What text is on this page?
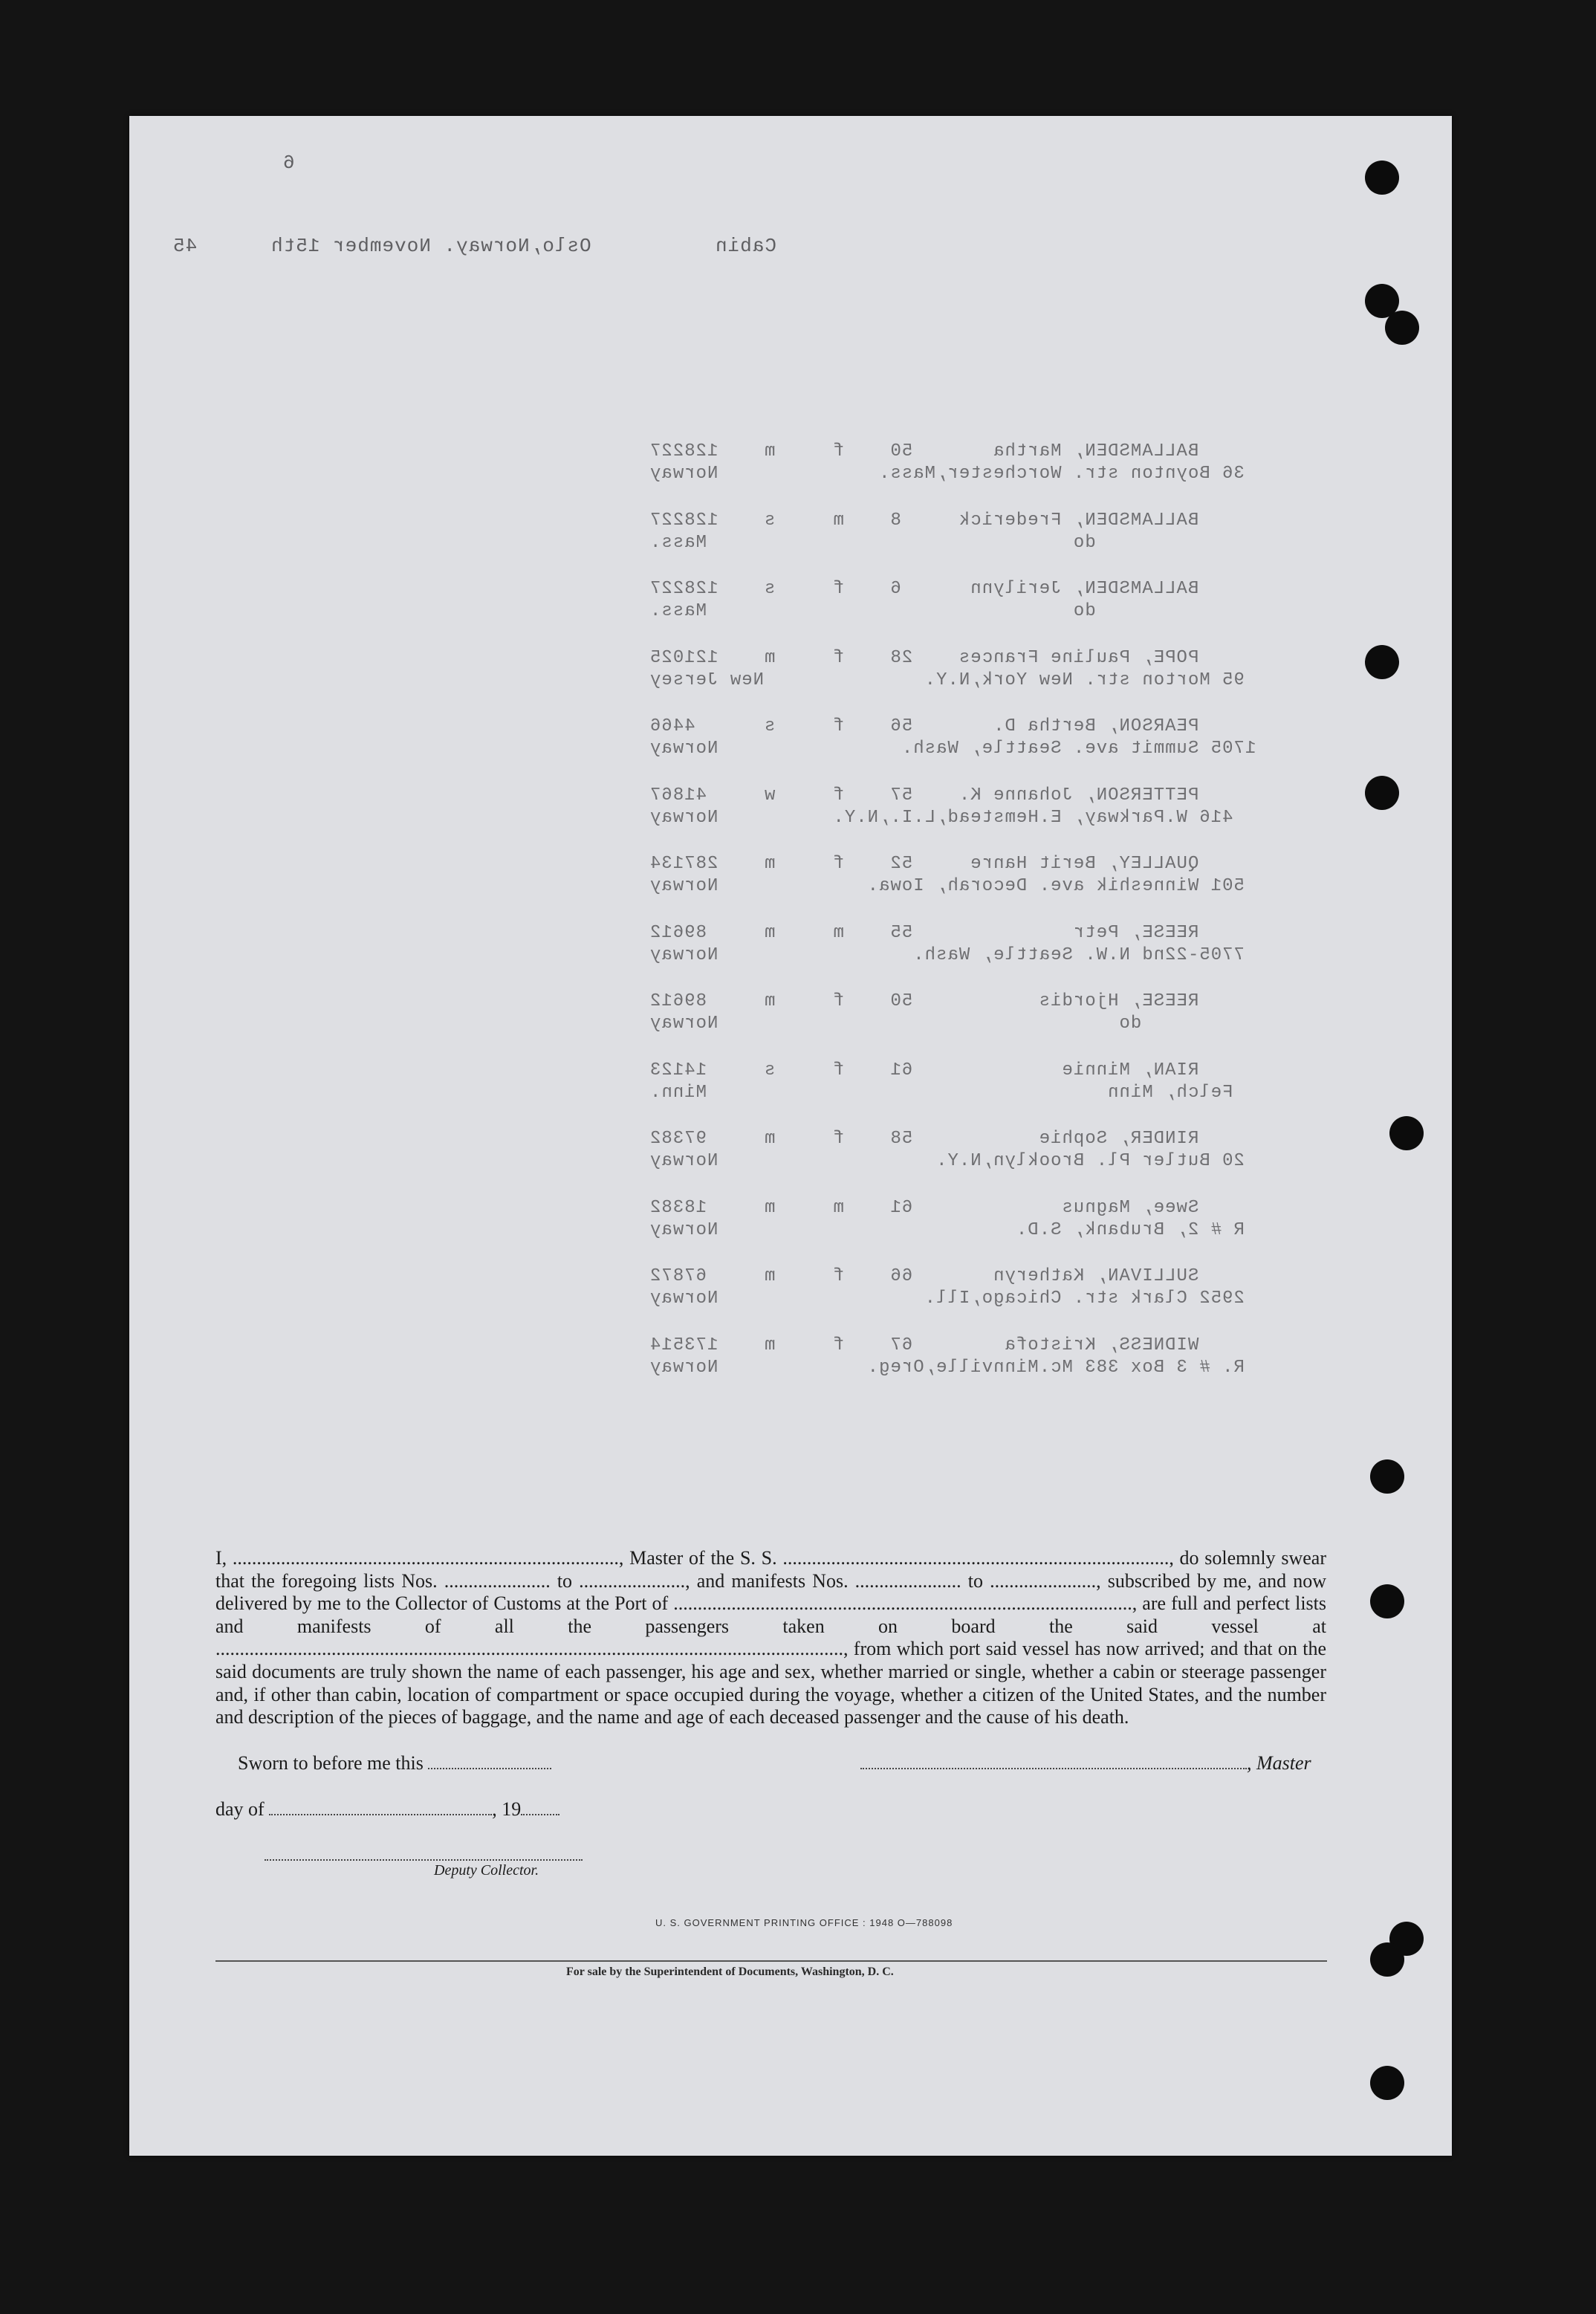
6
45	Oslo,Norway. November 15th	Cabin
BALLAMSDEN, Martha       50    f     m    128227
36 Boynton str. Worchester,Mass.              Norway
BALLAMSDEN, Frederick     8    m     s    128227
do                                Mass.
BALLAMSDEN, Jerilynn      6    f     s    128227
do                                Mass.
POPE, Pauline Frances    28    f     m    121025
95 Morton str. New York,N.Y.              New Jersey
PEARSON, Bertha D.       56    f     s      4466
1705 Summit ave. Seattle, Wash.                Norway
PETTERSON, Johanne K.    57    f     w     41867
416 W.Parkway, E.Hemstead,L.I.,N.Y.          Norway
QUALLEY, Berit Hanre     52    f     m    287134
501 Winneshik ave. Decorah, Iowa.             Norway
REESE, Petr              55    m     m     89612
7705-22nd N.W. Seattle, Wash.                 Norway
REESE, Hjordis           50    f     m     89612
do                                   Norway
RIAN, Minnie             61    f     s     14123
Felch, Minn                                   Minn.
RINDER, Sophie           58    f     m     97382
20 Butler Pl. Brooklyn,N.Y.                   Norway
Swee, Magnus             61    m     m     18382
R # 2, Brubank, S.D.                          Norway
SULLIVAN, Katheryn       66    f     m     67872
2952 Clark str. Chicago,Ill.                  Norway
WIDNESS, Kristofa        67    f     m    173514
R. # 3 Box 383 Mc.Minnville,Oreg.             Norway
I, ................................................................................, Master of the S. S. ................................................................................, do solemnly swear that the foregoing lists Nos. ...................... to ......................, and manifests Nos. ...................... to ......................, subscribed by me, and now delivered by me to the Collector of Customs at the Port of ..............................................................................................., are full and perfect lists and manifests of all the passengers taken on board the said vessel at .................................................................................................................................., from which port said vessel has now arrived; and that on the said documents are truly shown the name of each passenger, his age and sex, whether married or single, whether a cabin or steerage passenger and, if other than cabin, location of compartment or space occupied during the voyage, whether a citizen of the United States, and the number and description of the pieces of baggage, and the name and age of each deceased passenger and the cause of his death.
Sworn to before me this	, Master
day of	, 19
Deputy Collector.
U. S. GOVERNMENT PRINTING OFFICE : 1948 O—788098
For sale by the Superintendent of Documents, Washington, D. C.
